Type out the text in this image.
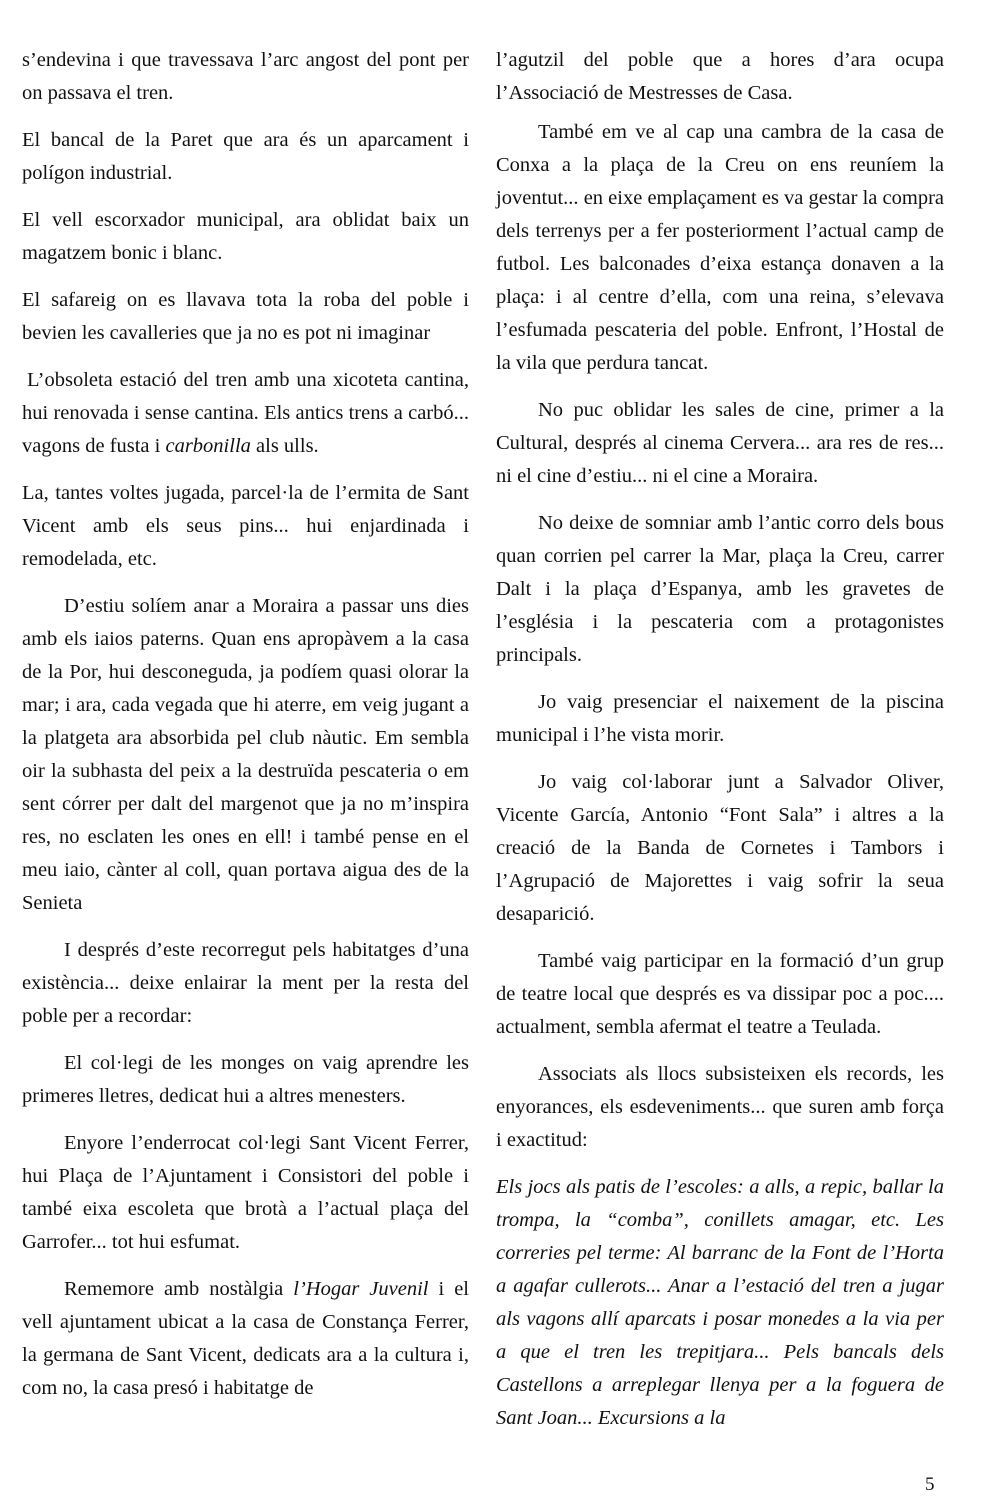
s’endevina i que travessava l’arc angost del pont per on passava el tren.

El bancal de la Paret que ara és un aparcament i polígon industrial.

El vell escorxador municipal, ara oblidat baix un magatzem bonic i blanc.

El safareig on es llavava tota la roba del poble i bevien les cavalleries que ja no es pot ni imaginar

L’obsoleta estació del tren amb una xicoteta cantina, hui renovada i sense cantina. Els antics trens a carbó... vagons de fusta i carbonilla als ulls.

La, tantes voltes jugada, parcel·la de l’ermita de Sant Vicent amb els seus pins... hui enjardinada i remodelada, etc.

D’estiu solíem anar a Moraira a passar uns dies amb els iaios paterns. Quan ens apropàvem a la casa de la Por, hui desconeguda, ja podíem quasi olorar la mar; i ara, cada vegada que hi aterre, em veig jugant a la platgeta ara absorbida pel club nàutic. Em sembla oir la subhasta del peix a la destruïda pescateria o em sent córrer per dalt del margenot que ja no m’inspira res, no esclaten les ones en ell! i també pense en el meu iaio, cànter al coll, quan portava aigua des de la Senieta

I després d’este recorregut pels habitatges d’una existència... deixe enlairar la ment per la resta del poble per a recordar:

El col·legi de les monges on vaig aprendre les primeres lletres, dedicat hui a altres menesters.

Enyore l’enderrocat col·legi Sant Vicent Ferrer, hui Plaça de l’Ajuntament i Consistori del poble i també eixa escoleta que brotà a l’actual plaça del Garrofer... tot hui esfumat.

Rememore amb nostàlgia l’Hogar Juvenil i el vell ajuntament ubicat a la casa de Constança Ferrer, la germana de Sant Vicent, dedicats ara a la cultura i, com no, la casa presó i habitatge de

l’agutzil del poble que a hores d’ara ocupa l’Associació de Mestresses de Casa.

També em ve al cap una cambra de la casa de Conxa a la plaça de la Creu on ens reuníem la joventut... en eixe emplaçament es va gestar la compra dels terrenys per a fer posteriorment l’actual camp de futbol. Les balconades d’eixa estança donaven a la plaça: i al centre d’ella, com una reina, s’elevava l’esfumada pescateria del poble. Enfront, l’Hostal de la vila que perdura tancat.

No puc oblidar les sales de cine, primer a la Cultural, després al cinema Cervera... ara res de res... ni el cine d’estiu... ni el cine a Moraira.

No deixe de somniar amb l’antic corro dels bous quan corrien pel carrer la Mar, plaça la Creu, carrer Dalt i la plaça d’Espanya, amb les gravetes de l’església i la pescateria com a protagonistes principals.

Jo vaig presenciar el naixement de la piscina municipal i l’he vista morir.

Jo vaig col·laborar junt a Salvador Oliver, Vicente García, Antonio “Font Sala” i altres a la creació de la Banda de Cornetes i Tambors i l’Agrupació de Majorettes i vaig sofrir la seua desaparició.

També vaig participar en la formació d’un grup de teatre local que després es va dissipar poc a poc.... actualment, sembla afermat el teatre a Teulada.

Associats als llocs subsisteixen els records, les enyorances, els esdeveniments... que suren amb força i exactitud:

Els jocs als patis de l’escoles: a alls, a repic, ballar la trompa, la “comba”, conillets amagar, etc. Les correries pel terme: Al barranc de la Font de l’Horta a agafar cullerots... Anar a l’estació del tren a jugar als vagons allí aparcats i posar monedes a la via per a que el tren les trepitjara... Pels bancals dels Castellons a arreplegar llenya per a la foguera de Sant Joan... Excursions a la

5
